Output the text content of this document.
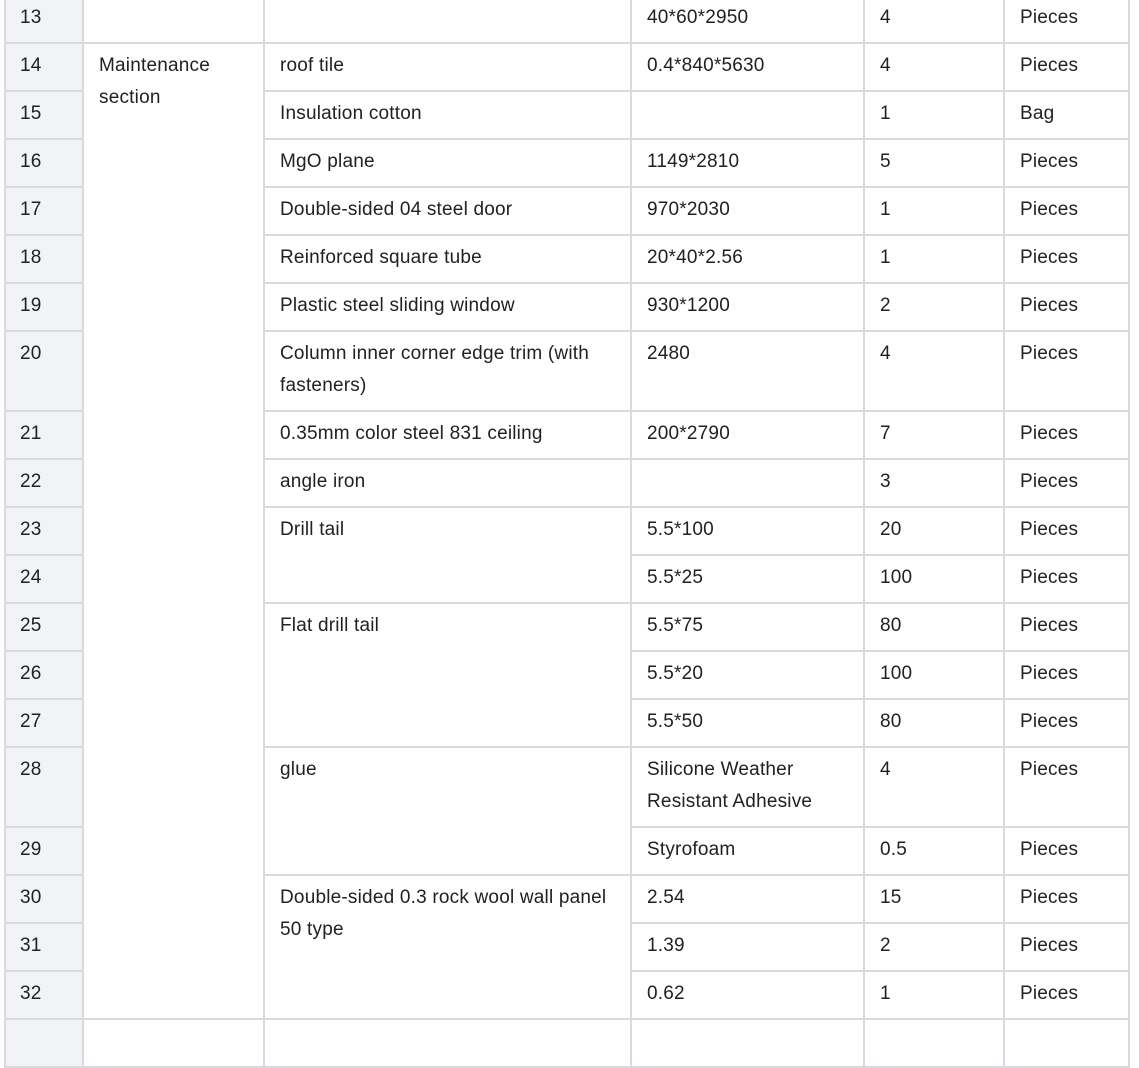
13			40*60*2950	4	Pieces
14	Maintenance section	roof tile	0.4*840*5630	4	Pieces
15		Insulation cotton		1	Bag
16		MgO plane	1149*2810	5	Pieces
17		Double-sided 04 steel door	970*2030	1	Pieces
18		Reinforced square tube	20*40*2.56	1	Pieces
19		Plastic steel sliding window	930*1200	2	Pieces
20		Column inner corner edge trim (with fasteners)	2480	4	Pieces
21		0.35mm color steel 831 ceiling	200*2790	7	Pieces
22		angle iron		3	Pieces
23		Drill tail	5.5*100	20	Pieces
24			5.5*25	100	Pieces
25		Flat drill tail	5.5*75	80	Pieces
26			5.5*20	100	Pieces
27			5.5*50	80	Pieces
28		glue	Silicone Weather Resistant Adhesive	4	Pieces
29			Styrofoam	0.5	Pieces
30		Double-sided 0.3 rock wool wall panel 50 type	2.54	15	Pieces
31			1.39	2	Pieces
32			0.62	1	Pieces
